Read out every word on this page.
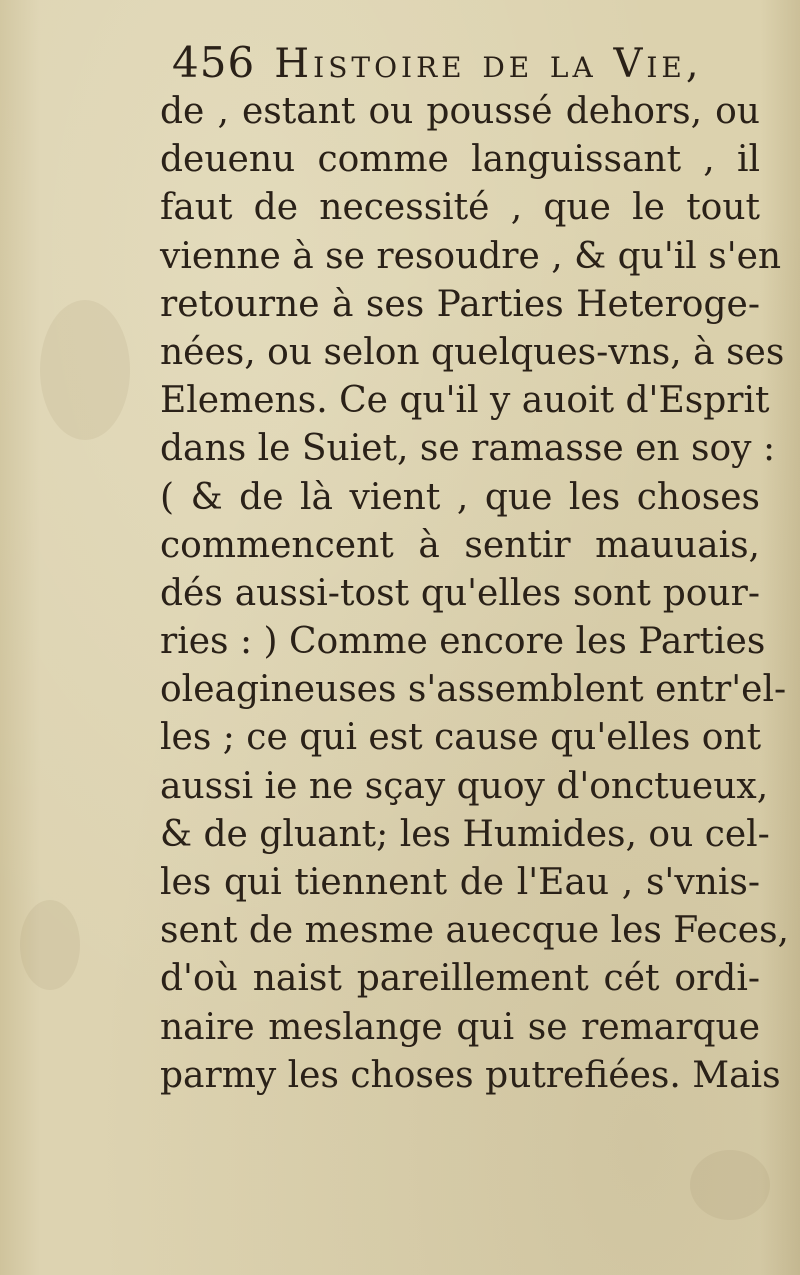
456 Histoire de la Vie,
de , estant ou poussé dehors, ou
deuenu comme languissant , il
faut de necessité , que le tout
vienne à se resoudre , & qu'il s'en
retourne à ses Parties Heteroge-
nées, ou selon quelques-vns, à ses
Elemens. Ce qu'il y auoit d'Esprit
dans le Suiet, se ramasse en soy :
( & de là vient , que les choses
commencent à sentir mauuais,
dés aussi-tost qu'elles sont pour-
ries : ) Comme encore les Parties
oleagineuses s'assemblent entr'el-
les ; ce qui est cause qu'elles ont
aussi ie ne sçay quoy d'onctueux,
& de gluant; les Humides, ou cel-
les qui tiennent de l'Eau , s'vnis-
sent de mesme auecque les Feces,
d'où naist pareillement cét ordi-
naire meslange qui se remarque
parmy les choses putrefiées. Mais
